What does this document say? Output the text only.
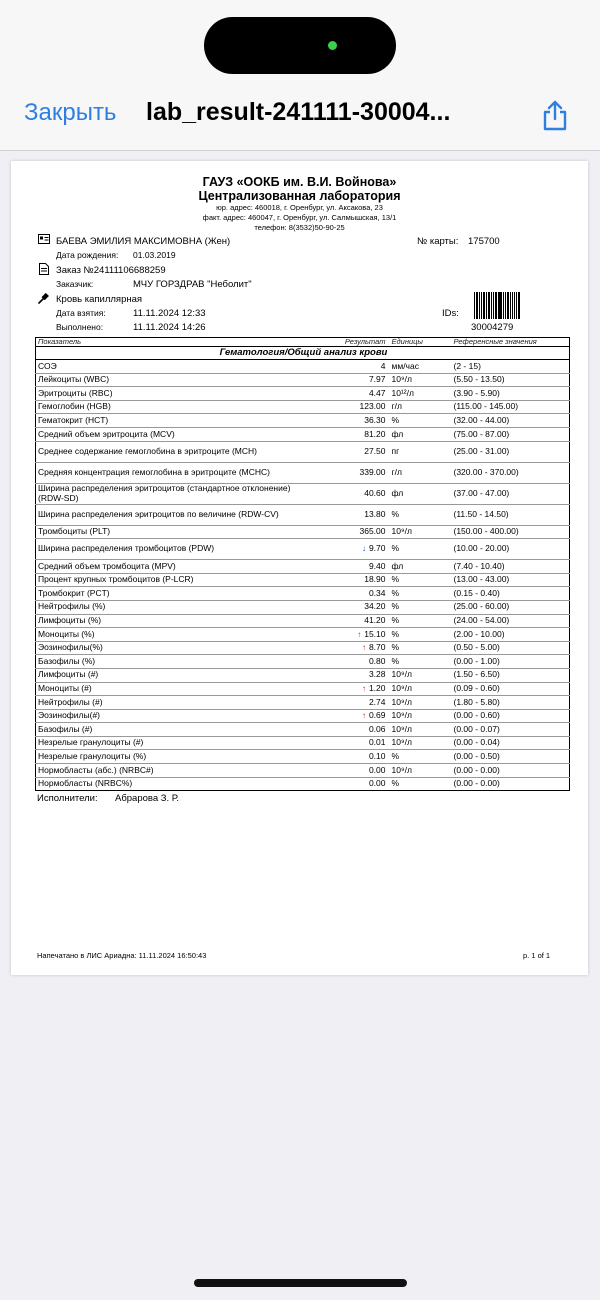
Закрыть lab_result-241111-30004...
ГАУЗ «ООКБ им. В.И. Войнова»
Централизованная лаборатория
юр. адрес: 460018, г. Оренбург, ул. Аксакова, 23
факт. адрес: 460047, г. Оренбург, ул. Салмышская, 13/1
телефон: 8(3532)50-90-25
БАЕВА ЭМИЛИЯ МАКСИМОВНА (Жен)	№ карты: 175700
Дата рождения: 01.03.2019
Заказ №24111106688259
Заказчик:	МЧУ ГОРЗДРАВ "Неболит"
Кровь капиллярная
Дата взятия:	11.11.2024 12:33
Выполнено:	11.11.2024 14:26
IDs:
30004279
Показатель	Результат	Единицы	Референсные значения
Гематология/Общий анализ крови			
СОЭ	4	мм/час	(2 - 15)
Лейкоциты (WBC)	7.97	10⁹/л	(5.50 - 13.50)
Эритроциты (RBC)	4.47	10¹²/л	(3.90 - 5.90)
Гемоглобин (HGB)	123.00	г/л	(115.00 - 145.00)
Гематокрит (HCT)	36.30	%	(32.00 - 44.00)
Средний объем эритроцита (MCV)	81.20	фл	(75.00 - 87.00)
Среднее содержание гемоглобина в эритроците (MCH)	27.50	пг	(25.00 - 31.00)
Средняя концентрация гемоглобина в эритроците (MCHC)	339.00	г/л	(320.00 - 370.00)
Ширина распределения эритроцитов (стандартное отклонение) (RDW-SD)	40.60	фл	(37.00 - 47.00)
Ширина распределения эритроцитов по величине (RDW-CV)	13.80	%	(11.50 - 14.50)
Тромбоциты (PLT)	365.00	10⁹/л	(150.00 - 400.00)
Ширина распределения тромбоцитов (PDW)	↓ 9.70	%	(10.00 - 20.00)
Средний объем тромбоцита (MPV)	9.40	фл	(7.40 - 10.40)
Процент крупных тромбоцитов (P-LCR)	18.90	%	(13.00 - 43.00)
Тромбокрит (PCT)	0.34	%	(0.15 - 0.40)
Нейтрофилы (%)	34.20	%	(25.00 - 60.00)
Лимфоциты (%)	41.20	%	(24.00 - 54.00)
Моноциты (%)	↑ 15.10	%	(2.00 - 10.00)
Эозинофилы(%)	↑ 8.70	%	(0.50 - 5.00)
Базофилы (%)	0.80	%	(0.00 - 1.00)
Лимфоциты (#)	3.28	10⁹/л	(1.50 - 6.50)
Моноциты (#)	↑ 1.20	10⁹/л	(0.09 - 0.60)
Нейтрофилы (#)	2.74	10⁹/л	(1.80 - 5.80)
Эозинофилы(#)	↑ 0.69	10⁹/л	(0.00 - 0.60)
Базофилы (#)	0.06	10⁹/л	(0.00 - 0.07)
Незрелые гранулоциты (#)	0.01	10⁹/л	(0.00 - 0.04)
Незрелые гранулоциты (%)	0.10	%	(0.00 - 0.50)
Нормобласты (абс.) (NRBC#)	0.00	10⁹/л	(0.00 - 0.00)
Нормобласты (NRBC%)	0.00	%	(0.00 - 0.00)
Исполнители: Абрарова З. Р.
Напечатано в ЛИС Ариадна: 11.11.2024 16:50:43	p. 1 of 1
